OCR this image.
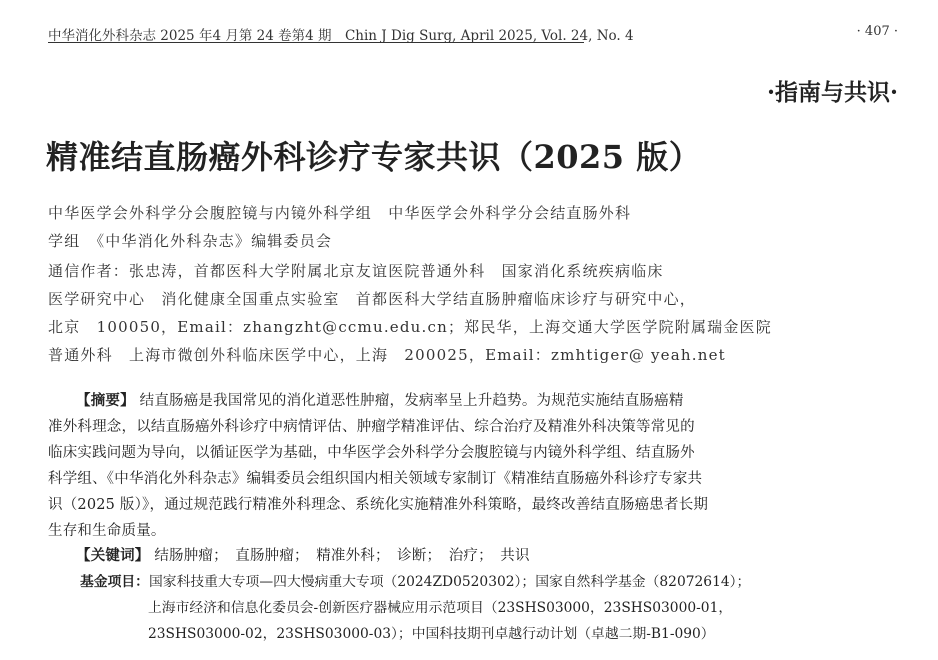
中华消化外科杂志 2025 年4 月第 24 卷第4 期　Chin J Dig Surg, April 2025, Vol. 24, No. 4	· 407 ·
·指南与共识·
精准结直肠癌外科诊疗专家共识（2025 版）
中华医学会外科学分会腹腔镜与内镜外科学组　中华医学会外科学分会结直肠外科
学组　《中华消化外科杂志》编辑委员会
通信作者：张忠涛，首都医科大学附属北京友谊医院普通外科　国家消化系统疾病临床
医学研究中心　消化健康全国重点实验室　首都医科大学结直肠肿瘤临床诊疗与研究中心，
北京　100050，Email：zhangzht@ccmu.edu.cn；郑民华，上海交通大学医学院附属瑞金医院
普通外科　上海市微创外科临床医学中心，上海　200025，Email：zmhtiger@ yeah.net
【摘要】 结直肠癌是我国常见的消化道恶性肿瘤，发病率呈上升趋势。为规范实施结直肠癌精
准外科理念，以结直肠癌外科诊疗中病情评估、肿瘤学精准评估、综合治疗及精准外科决策等常见的
临床实践问题为导向，以循证医学为基础，中华医学会外科学分会腹腔镜与内镜外科学组、结直肠外
科学组、《中华消化外科杂志》编辑委员会组织国内相关领域专家制订《精准结直肠癌外科诊疗专家共
识（2025 版）》，通过规范践行精准外科理念、系统化实施精准外科策略，最终改善结直肠癌患者长期
生存和生命质量。
【关键词】 结肠肿瘤；　直肠肿瘤；　精准外科；　诊断；　治疗；　共识
基金项目：国家科技重大专项—四大慢病重大专项（2024ZD0520302）；国家自然科学基金（82072614）；
上海市经济和信息化委员会-创新医疗器械应用示范项目（23SHS03000，23SHS03000-01，
23SHS03000-02，23SHS03000-03）；中国科技期刊卓越行动计划（卓越二期-B1-090）
